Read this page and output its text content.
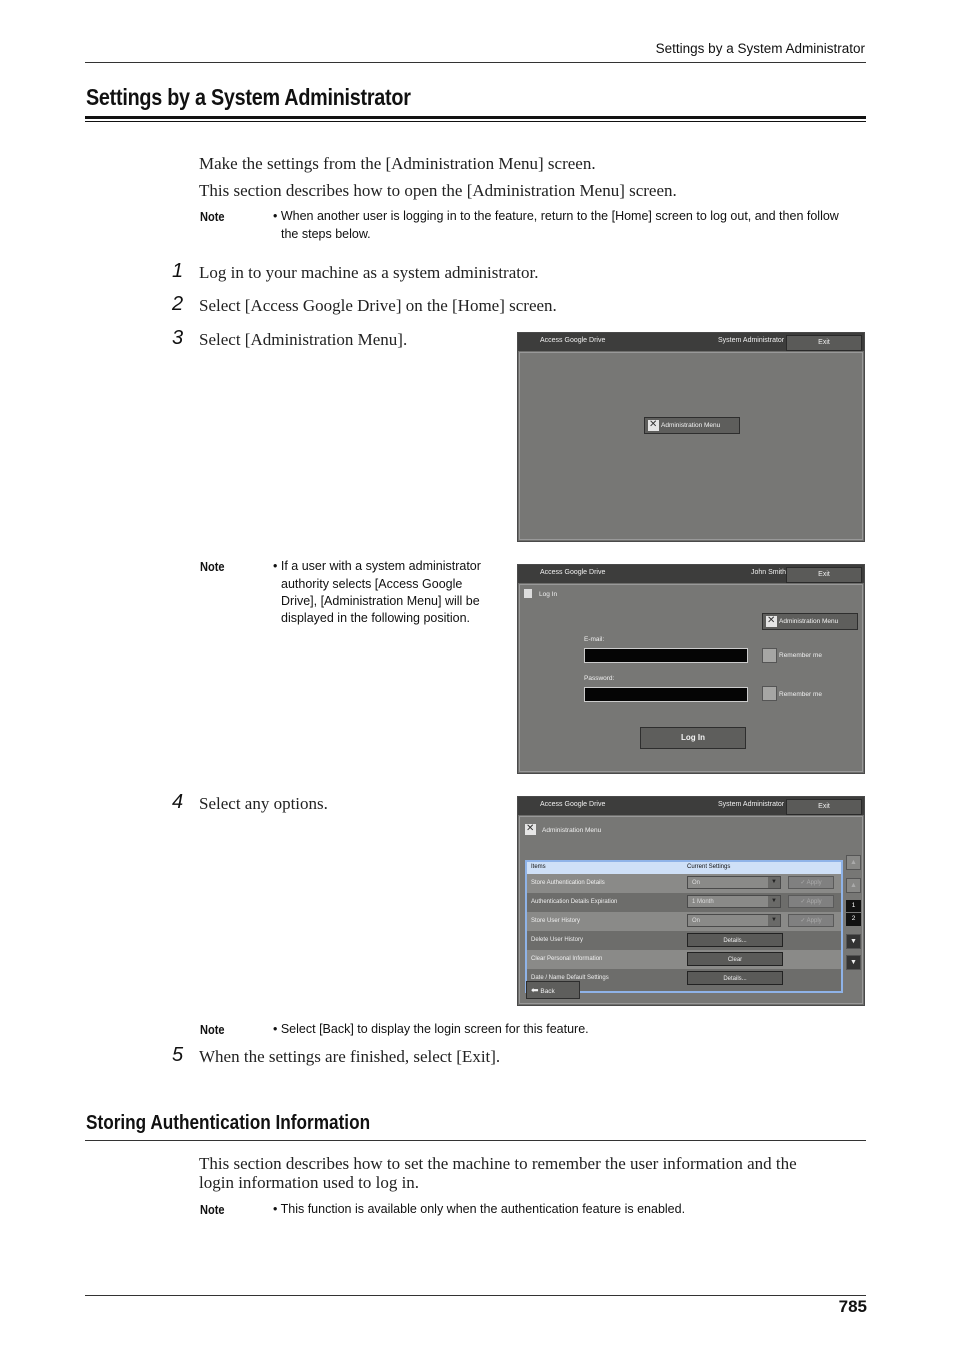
Settings by a System Administrator
Settings by a System Administrator
Make the settings from the [Administration Menu] screen.
This section describes how to open the [Administration Menu] screen.
Note	• When another user is logging in to the feature, return to the [Home] screen to log out, and then follow
the steps below.
1 Log in to your machine as a system administrator.
2 Select [Access Google Drive] on the [Home] screen.
3 Select [Administration Menu].	Access Google Drive	System Administrator	Exit
✕Administration Menu
Note	• If a user with a system administrator
authority selects [Access Google
Drive], [Administration Menu] will be
displayed in the following position.
Access Google Drive	John Smith	Exit
Log In
✕Administration Menu
E-mail:
Remember me
Password:
Remember me
Log In
4 Select any options.	Access Google Drive	System Administrator	Exit
✕
Administration Menu
Items	Current Settings
Store Authentication Details	On	▼	✓ Apply
Authentication Details Expiration	1 Month	▼	✓ Apply
Store User History	On	▼	✓ Apply
Delete User History	Details...
Clear Personal Information	Clear
Date / Name Default Settings	Details...
▲
▲
1
2
▼
▼
⬅ Back
Note	• Select [Back] to display the login screen for this feature.
5 When the settings are finished, select [Exit].
Storing Authentication Information
This section describes how to set the machine to remember the user information and the
login information used to log in.
Note	• This function is available only when the authentication feature is enabled.
785
